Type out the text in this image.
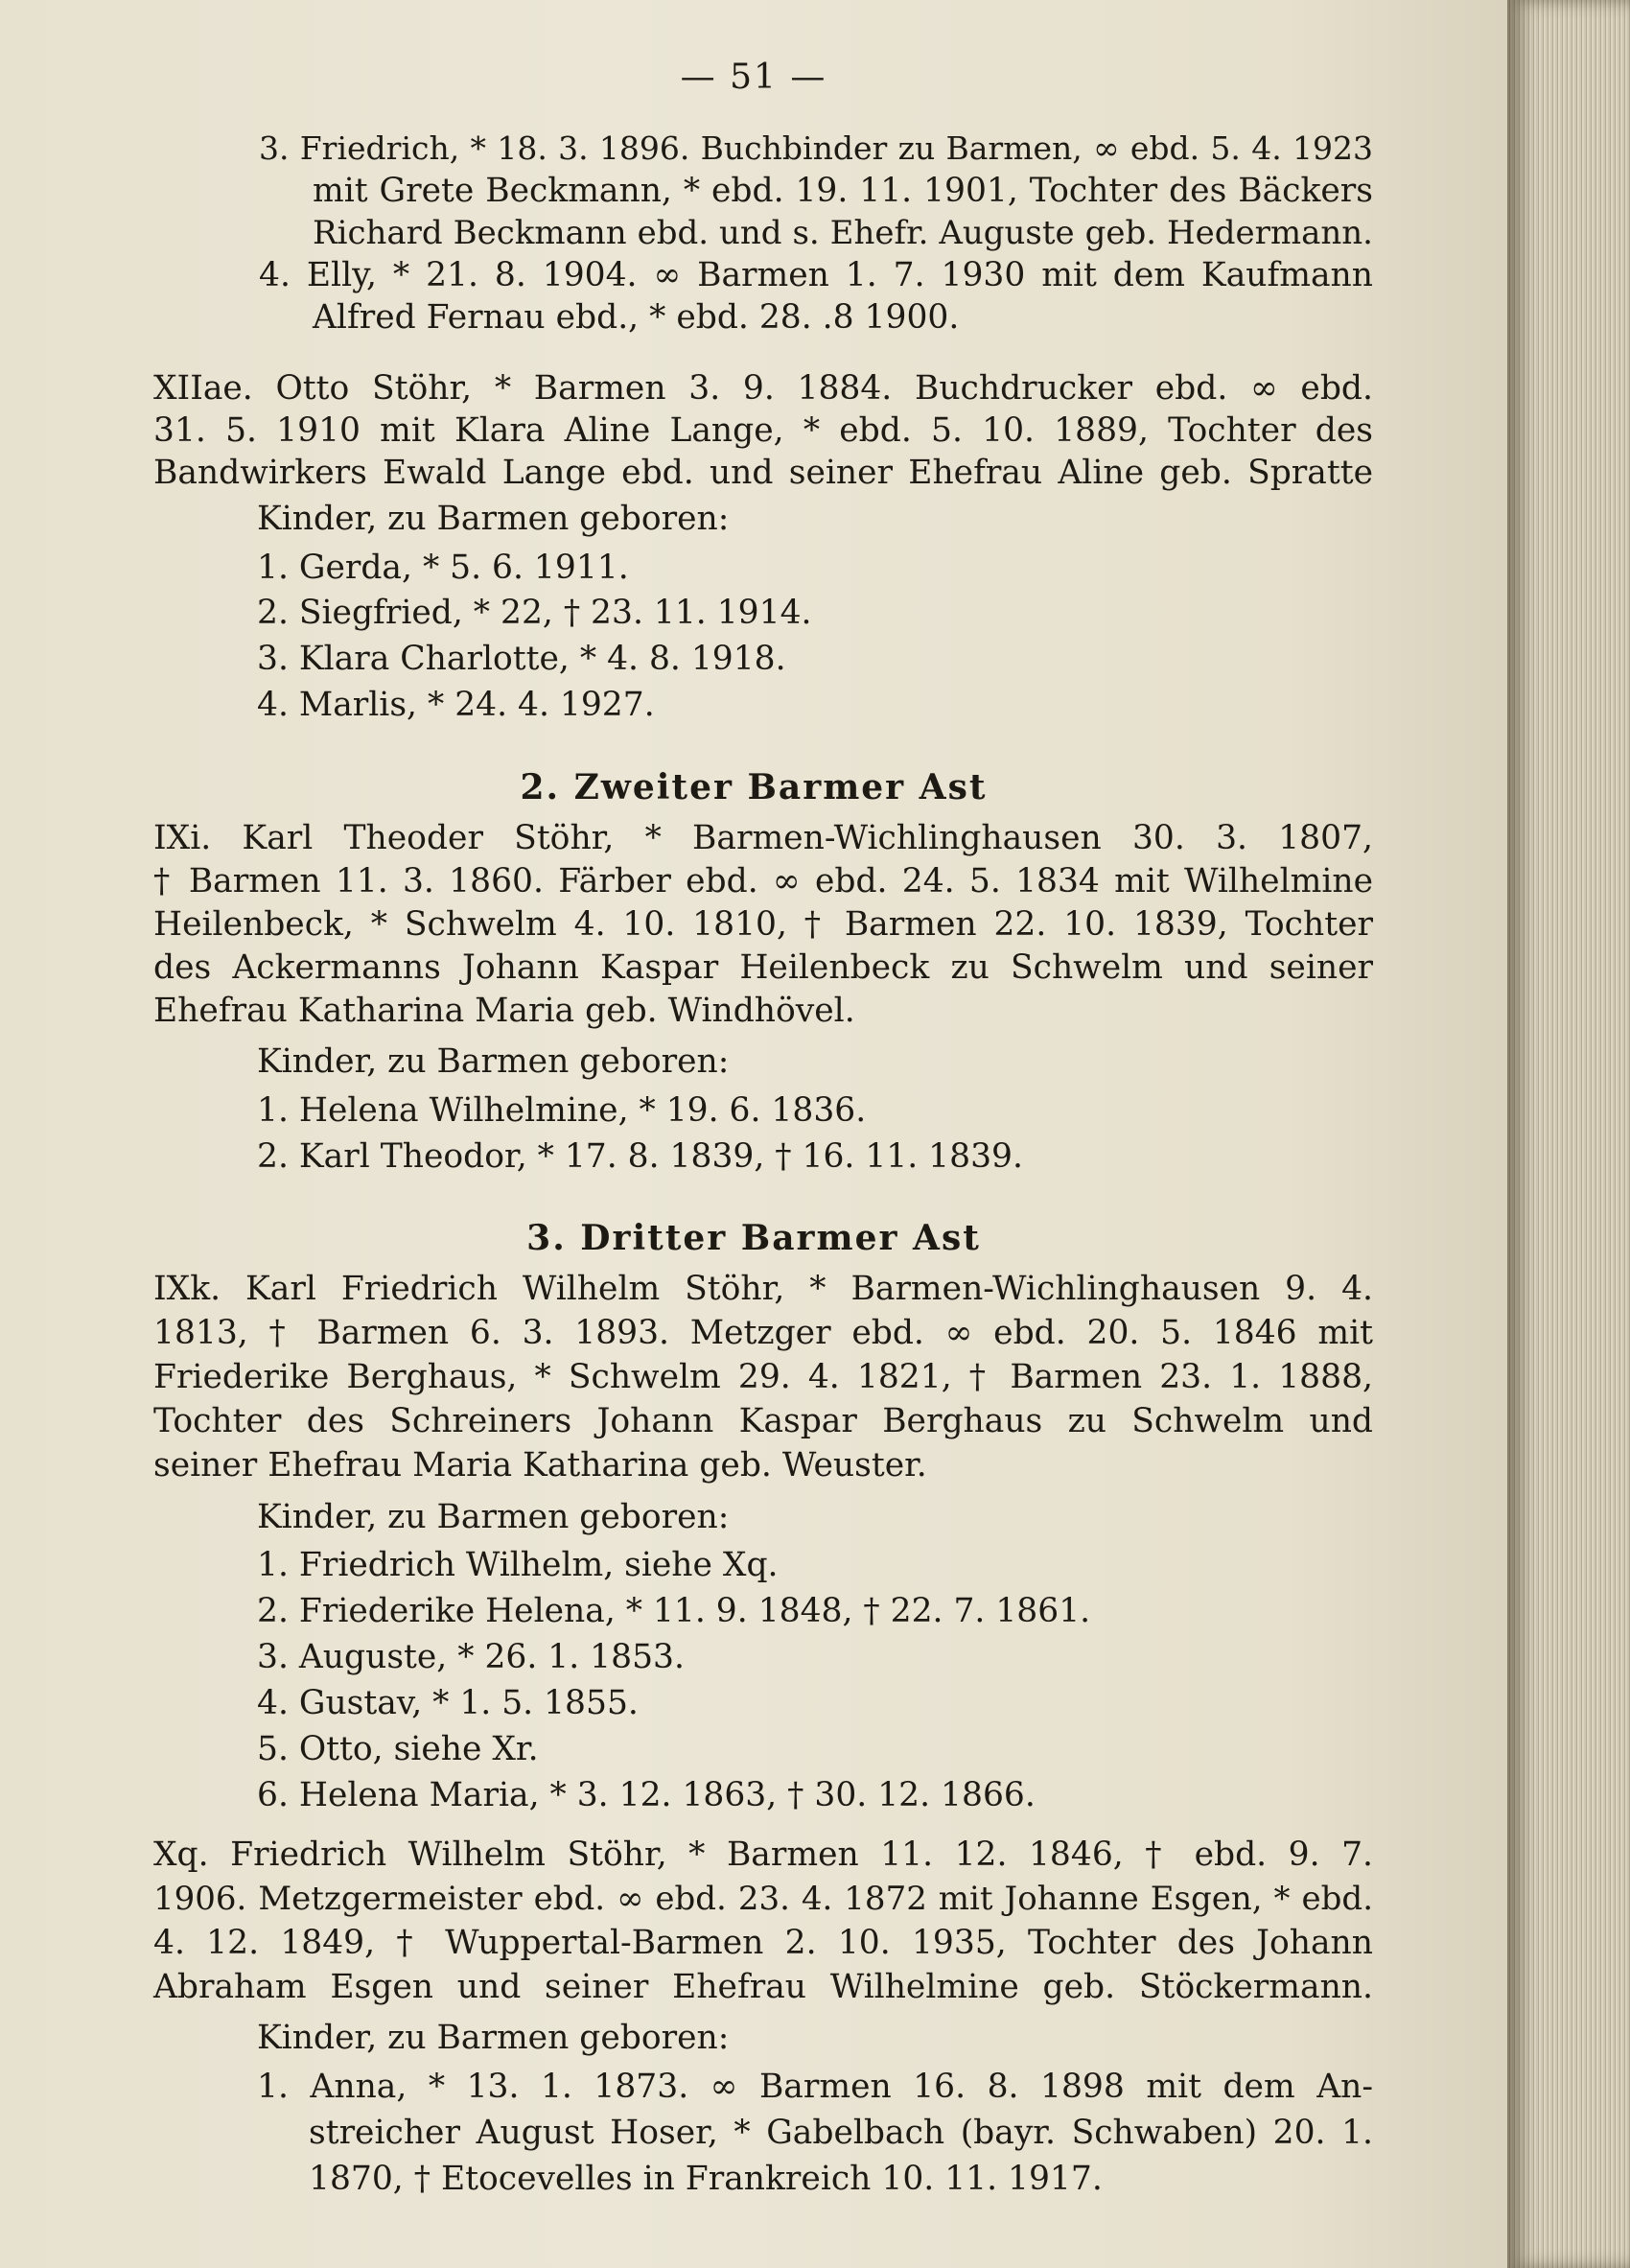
— 51 —
3. Friedrich, * 18. 3. 1896. Buchbinder zu Barmen, ∞ ebd. 5. 4. 1923
mit Grete Beckmann, * ebd. 19. 11. 1901, Tochter des Bäckers
Richard Beckmann ebd. und s. Ehefr. Auguste geb. Hedermann.
4. Elly, * 21. 8. 1904. ∞ Barmen 1. 7. 1930 mit dem Kaufmann
Alfred Fernau ebd., * ebd. 28. .8 1900.
XIIae. Otto Stöhr, * Barmen 3. 9. 1884. Buchdrucker ebd. ∞ ebd.
31. 5. 1910 mit Klara Aline Lange, * ebd. 5. 10. 1889, Tochter des
Bandwirkers Ewald Lange ebd. und seiner Ehefrau Aline geb. Spratte
Kinder, zu Barmen geboren:
1. Gerda, * 5. 6. 1911.
2. Siegfried, * 22, † 23. 11. 1914.
3. Klara Charlotte, * 4. 8. 1918.
4. Marlis, * 24. 4. 1927.
2. Zweiter Barmer Ast
IXi. Karl Theoder Stöhr, * Barmen-Wichlinghausen 30. 3. 1807,
† Barmen 11. 3. 1860. Färber ebd. ∞ ebd. 24. 5. 1834 mit Wilhelmine
Heilenbeck, * Schwelm 4. 10. 1810, † Barmen 22. 10. 1839, Tochter
des Ackermanns Johann Kaspar Heilenbeck zu Schwelm und seiner
Ehefrau Katharina Maria geb. Windhövel.
Kinder, zu Barmen geboren:
1. Helena Wilhelmine, * 19. 6. 1836.
2. Karl Theodor, * 17. 8. 1839, † 16. 11. 1839.
3. Dritter Barmer Ast
IXk. Karl Friedrich Wilhelm Stöhr, * Barmen-Wichlinghausen 9. 4.
1813, † Barmen 6. 3. 1893. Metzger ebd. ∞ ebd. 20. 5. 1846 mit
Friederike Berghaus, * Schwelm 29. 4. 1821, † Barmen 23. 1. 1888,
Tochter des Schreiners Johann Kaspar Berghaus zu Schwelm und
seiner Ehefrau Maria Katharina geb. Weuster.
Kinder, zu Barmen geboren:
1. Friedrich Wilhelm, siehe Xq.
2. Friederike Helena, * 11. 9. 1848, † 22. 7. 1861.
3. Auguste, * 26. 1. 1853.
4. Gustav, * 1. 5. 1855.
5. Otto, siehe Xr.
6. Helena Maria, * 3. 12. 1863, † 30. 12. 1866.
Xq. Friedrich Wilhelm Stöhr, * Barmen 11. 12. 1846, † ebd. 9. 7.
1906. Metzgermeister ebd. ∞ ebd. 23. 4. 1872 mit Johanne Esgen, * ebd.
4. 12. 1849, † Wuppertal-Barmen 2. 10. 1935, Tochter des Johann
Abraham Esgen und seiner Ehefrau Wilhelmine geb. Stöckermann.
Kinder, zu Barmen geboren:
1. Anna, * 13. 1. 1873. ∞ Barmen 16. 8. 1898 mit dem An-
streicher August Hoser, * Gabelbach (bayr. Schwaben) 20. 1.
1870, † Etocevelles in Frankreich 10. 11. 1917.
